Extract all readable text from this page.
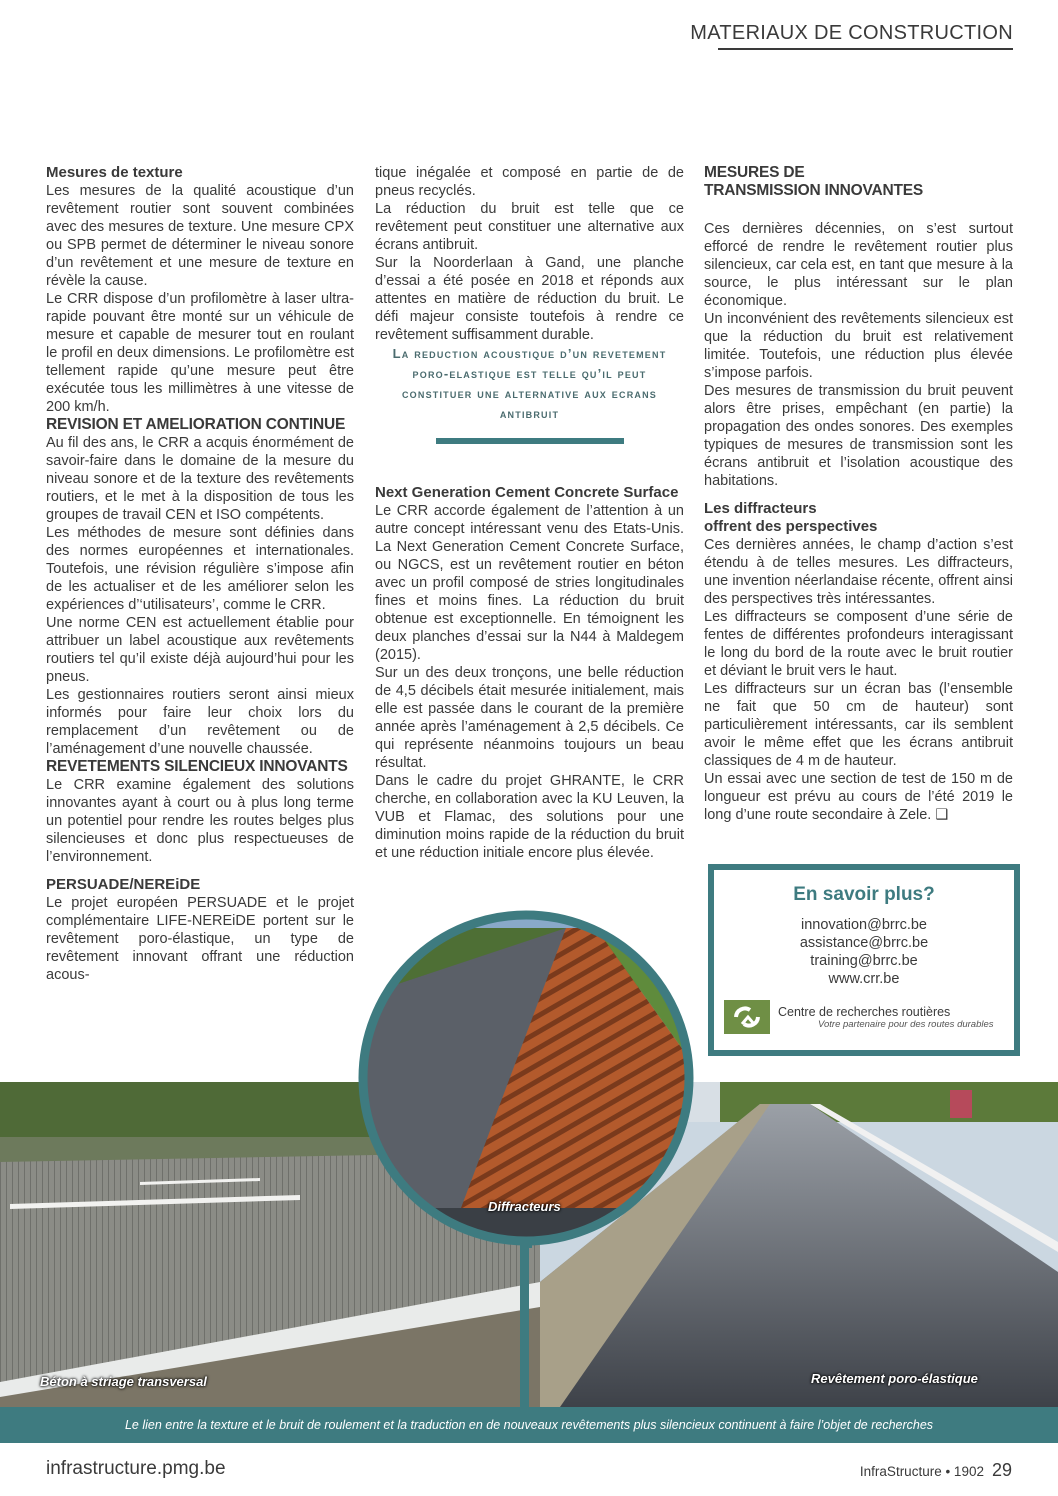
MATERIAUX DE CONSTRUCTION

Mesures de texture

Les mesures de la qualité acoustique d’un revêtement routier sont souvent combinées avec des mesures de texture. Une mesure CPX ou SPB permet de déterminer le niveau sonore d’un revêtement et une mesure de texture en révèle la cause.

Le CRR dispose d’un profilomètre à laser ultra-rapide pouvant être monté sur un véhicule de mesure et capable de mesurer tout en roulant le profil en deux dimensions. Le profilomètre est tellement rapide qu’une mesure peut être exécutée tous les millimètres à une vitesse de 200 km/h.

REVISION ET AMELIORATION CONTINUE

Au fil des ans, le CRR a acquis énormément de savoir-faire dans le domaine de la mesure du niveau sonore et de la texture des revêtements routiers, et le met à la disposition de tous les groupes de travail CEN et ISO compétents.

Les méthodes de mesure sont définies dans des normes européennes et internationales. Toutefois, une révision régulière s’impose afin de les actualiser et de les améliorer selon les expériences d’‘utilisateurs’, comme le CRR.

Une norme CEN est actuellement établie pour attribuer un label acoustique aux revêtements routiers tel qu’il existe déjà aujourd’hui pour les pneus.

Les gestionnaires routiers seront ainsi mieux informés pour faire leur choix lors du remplacement d’un revêtement ou de l’aménagement d’une nouvelle chaussée.

REVETEMENTS SILENCIEUX INNOVANTS

Le CRR examine également des solutions innovantes ayant à court ou à plus long terme un potentiel pour rendre les routes belges plus silencieuses et donc plus respectueuses de l’environnement.

PERSUADE/NEREiDE

Le projet européen PERSUADE et le projet complémentaire LIFE-NEREiDE portent sur le revêtement poro-élastique, un type de revêtement innovant offrant une réduction acous-

tique inégalée et composé en partie de de pneus recyclés.

La réduction du bruit est telle que ce revêtement peut constituer une alternative aux écrans antibruit.

Sur la Noorderlaan à Gand, une planche d’essai a été posée en 2018 et réponds aux attentes en matière de réduction du bruit. Le défi majeur consiste toutefois à rendre ce revêtement suffisamment durable.

La reduction acoustique d’un revetement poro-elastique est telle qu’il peut constituer une alternative aux ecrans antibruit

Next Generation Cement Concrete Surface

Le CRR accorde également de l’attention à un autre concept intéressant venu des Etats-Unis. La Next Generation Cement Concrete Surface, ou NGCS, est un revêtement routier en béton avec un profil composé de stries longitudinales fines et moins fines. La réduction du bruit obtenue est exceptionnelle. En témoignent les deux planches d’essai sur la N44 à Maldegem (2015).

Sur un des deux tronçons, une belle réduction de 4,5 décibels était mesurée initialement, mais elle est passée dans le courant de la première année après l’aménagement à 2,5 décibels. Ce qui représente néanmoins toujours un beau résultat.

Dans le cadre du projet GHRANTE, le CRR cherche, en collaboration avec la KU Leuven, la VUB et Flamac, des solutions pour une diminution moins rapide de la réduction du bruit et une réduction initiale encore plus élevée.

MESURES DE
TRANSMISSION INNOVANTES

Ces dernières décennies, on s’est surtout efforcé de rendre le revêtement routier plus silencieux, car cela est, en tant que mesure à la source, le plus intéressant sur le plan économique.

Un inconvénient des revêtements silencieux est que la réduction du bruit est relativement limitée. Toutefois, une réduction plus élevée s’impose parfois.

Des mesures de transmission du bruit peuvent alors être prises, empêchant (en partie) la propagation des ondes sonores. Des exemples typiques de mesures de transmission sont les écrans antibruit et l’isolation acoustique des habitations.

Les diffracteurs
offrent des perspectives

Ces dernières années, le champ d’action s’est étendu à de telles mesures. Les diffracteurs, une invention néerlandaise récente, offrent ainsi des perspectives très intéressantes.

Les diffracteurs se composent d’une série de fentes de différentes profondeurs interagissant le long du bord de la route avec le bruit routier et déviant le bruit vers le haut.

Les diffracteurs sur un écran bas (l’ensemble ne fait que 50 cm de hauteur) sont particulièrement intéressants, car ils semblent avoir le même effet que les écrans antibruit classiques de 4 m de hauteur.

Un essai avec une section de test de 150 m de longueur est prévu au cours de l’été 2019 le long d’une route secondaire à Zele. ❑

En savoir plus?
innovation@brrc.be
assistance@brrc.be
training@brrc.be
www.crr.be
Centre de recherches routières
Votre partenaire pour des routes durables
Diffracteurs
Béton à striage transversal	Revêtement poro-élastique
Le lien entre la texture et le bruit de roulement et la traduction en de nouveaux revêtements plus silencieux continuent à faire l’objet de recherches
infrastructure.pmg.be	InfraStructure • 1902 29
